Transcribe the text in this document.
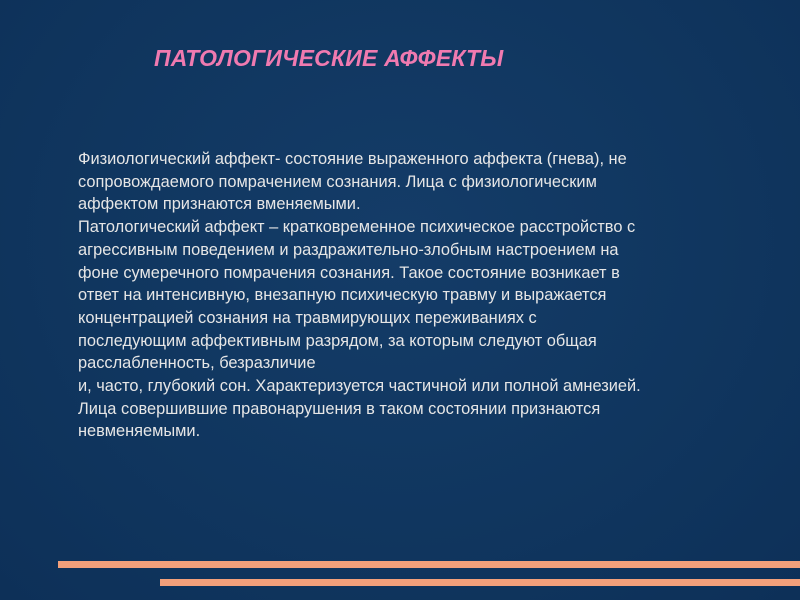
ПАТОЛОГИЧЕСКИЕ АФФЕКТЫ
Физиологический аффект- состояние выраженного аффекта (гнева), не
сопровождаемого помрачением сознания. Лица с физиологическим
аффектом признаются вменяемыми.
Патологический аффект – кратковременное психическое расстройство с
агрессивным поведением и раздражительно-злобным настроением на
фоне сумеречного помрачения сознания. Такое состояние возникает в
ответ на интенсивную, внезапную психическую травму и выражается
концентрацией сознания на травмирующих переживаниях с
последующим аффективным разрядом, за которым следуют общая
расслабленность, безразличие
и, часто, глубокий сон. Характеризуется частичной или полной амнезией.
Лица совершившие правонарушения в таком состоянии признаются
невменяемыми.
